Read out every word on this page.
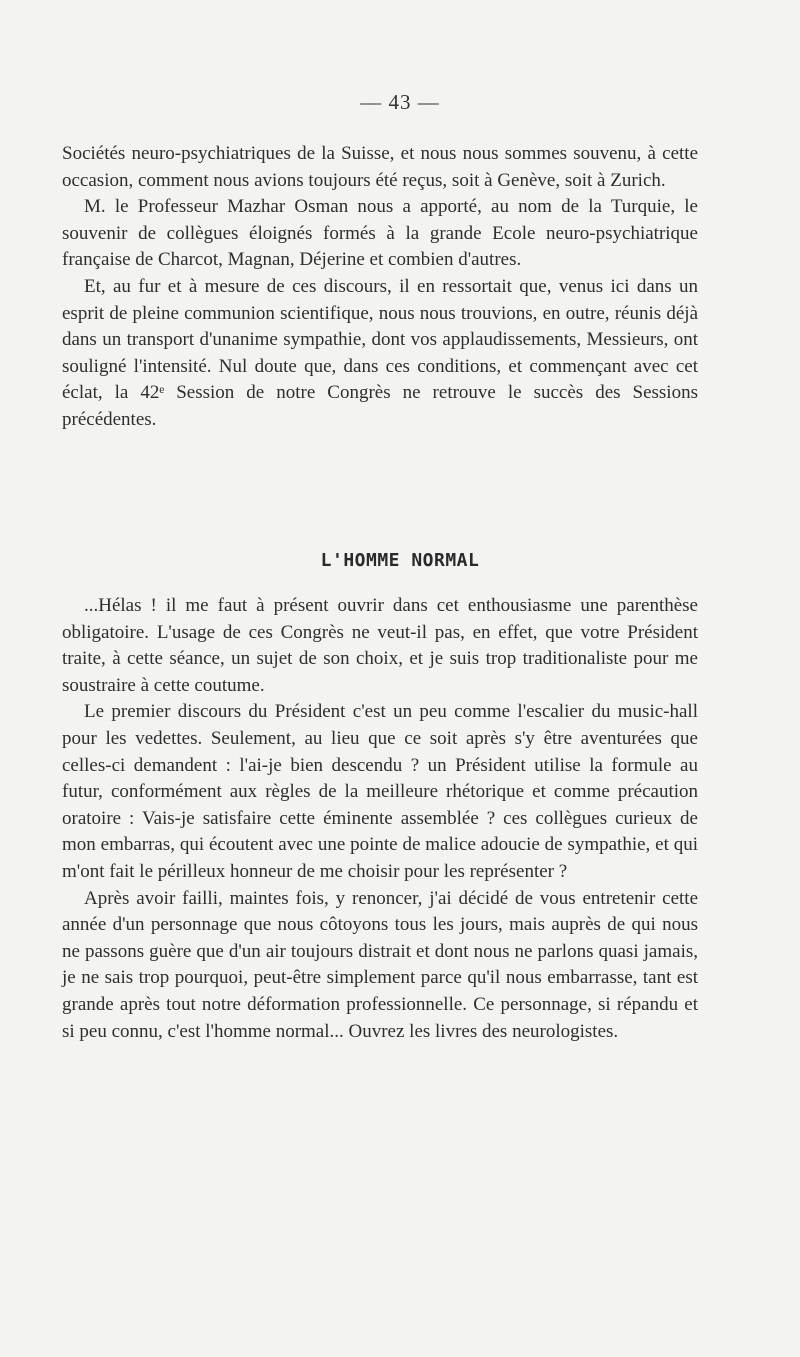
— 43 —

Sociétés neuro-psychiatriques de la Suisse, et nous nous sommes souvenu, à cette occasion, comment nous avions toujours été reçus, soit à Genève, soit à Zurich.

M. le Professeur Mazhar Osman nous a apporté, au nom de la Turquie, le souvenir de collègues éloignés formés à la grande Ecole neuro-psychiatrique française de Charcot, Magnan, Déjerine et combien d'autres.

Et, au fur et à mesure de ces discours, il en ressortait que, venus ici dans un esprit de pleine communion scientifique, nous nous trouvions, en outre, réunis déjà dans un transport d'unanime sympathie, dont vos applaudissements, Messieurs, ont souligné l'intensité. Nul doute que, dans ces conditions, et commençant avec cet éclat, la 42ᵉ Session de notre Congrès ne retrouve le succès des Sessions précédentes.

L'HOMME NORMAL

...Hélas ! il me faut à présent ouvrir dans cet enthousiasme une parenthèse obligatoire. L'usage de ces Congrès ne veut-il pas, en effet, que votre Président traite, à cette séance, un sujet de son choix, et je suis trop traditionaliste pour me soustraire à cette coutume.

Le premier discours du Président c'est un peu comme l'escalier du music-hall pour les vedettes. Seulement, au lieu que ce soit après s'y être aventurées que celles-ci demandent : l'ai-je bien descendu ? un Président utilise la formule au futur, conformément aux règles de la meilleure rhétorique et comme précaution oratoire : Vais-je satisfaire cette éminente assemblée ? ces collègues curieux de mon embarras, qui écoutent avec une pointe de malice adoucie de sympathie, et qui m'ont fait le périlleux honneur de me choisir pour les représenter ?

Après avoir failli, maintes fois, y renoncer, j'ai décidé de vous entretenir cette année d'un personnage que nous côtoyons tous les jours, mais auprès de qui nous ne passons guère que d'un air toujours distrait et dont nous ne parlons quasi jamais, je ne sais trop pourquoi, peut-être simplement parce qu'il nous embarrasse, tant est grande après tout notre déformation professionnelle. Ce personnage, si répandu et si peu connu, c'est l'homme normal... Ouvrez les livres des neurologistes.
